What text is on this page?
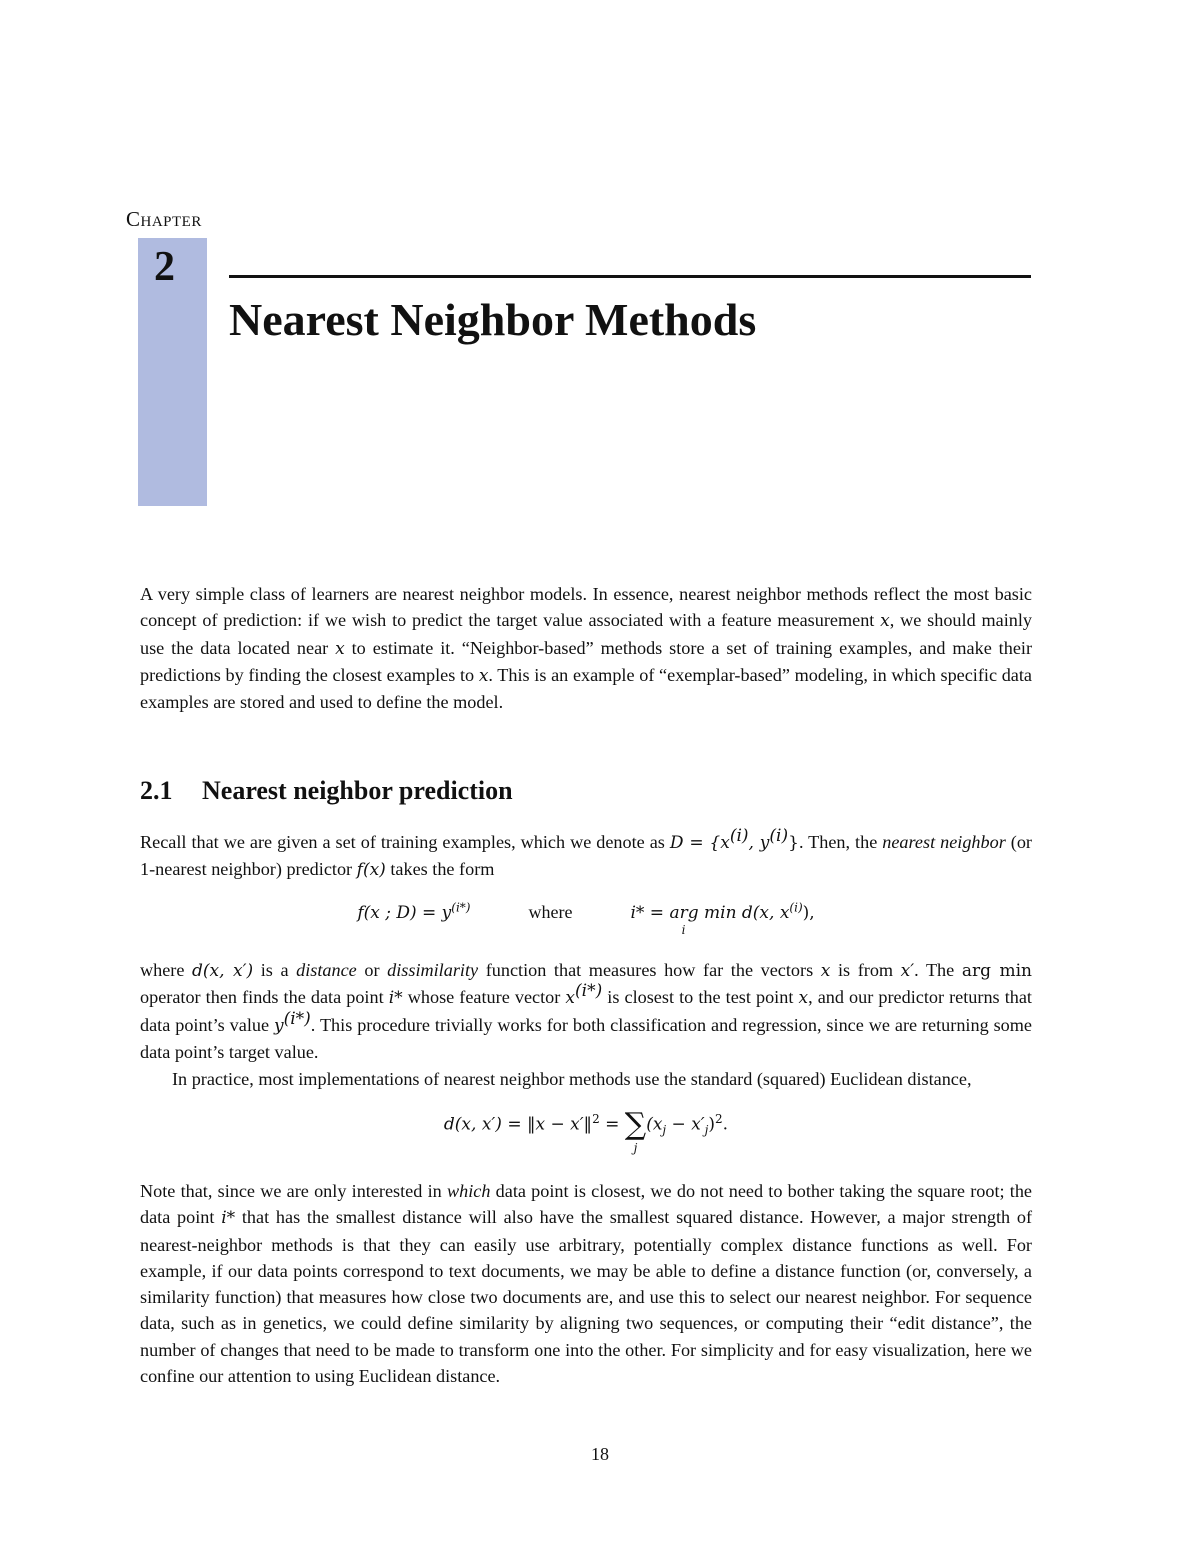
Chapter
2
Nearest Neighbor Methods

A very simple class of learners are nearest neighbor models. In essence, nearest neighbor methods reflect the most basic concept of prediction: if we wish to predict the target value associated with a feature measurement x, we should mainly use the data located near x to estimate it. “Neighbor-based” methods store a set of training examples, and make their predictions by finding the closest examples to x. This is an example of “exemplar-based” modeling, in which specific data examples are stored and used to define the model.

2.1 Nearest neighbor prediction

Recall that we are given a set of training examples, which we denote as $D = \{x^{(i)}$, $y^{(i)}$}. Then, the nearest neighbor (or 1-nearest neighbor) predictor f(x) takes the form

f(x ; $D) = y^{(i*)}$	where	i* = arg min
i
d(x, $x^{(i)}$),

where d(x, x′) is a distance or dissimilarity function that measures how far the vectors x is from x′. The arg min operator then finds the data point i* whose feature vector $x^{(i*)}$ is closest to the test point x, and our predictor returns that data point’s value $y^{(i*)}$. This procedure trivially works for both classification and regression, since we are returning some data point’s target value.

In practice, most implementations of nearest neighbor methods use the standard (squared) Euclidean distance,

d(x, x′) = ‖x − x′‖$^2$ = ∑
j
$(x_j - x'_j)^2$.

Note that, since we are only interested in which data point is closest, we do not need to bother taking the square root; the data point i* that has the smallest distance will also have the smallest squared distance. However, a major strength of nearest-neighbor methods is that they can easily use arbitrary, potentially complex distance functions as well. For example, if our data points correspond to text documents, we may be able to define a distance function (or, conversely, a similarity function) that measures how close two documents are, and use this to select our nearest neighbor. For sequence data, such as in genetics, we could define similarity by aligning two sequences, or computing their “edit distance”, the number of changes that need to be made to transform one into the other. For simplicity and for easy visualization, here we confine our attention to using Euclidean distance.

18
